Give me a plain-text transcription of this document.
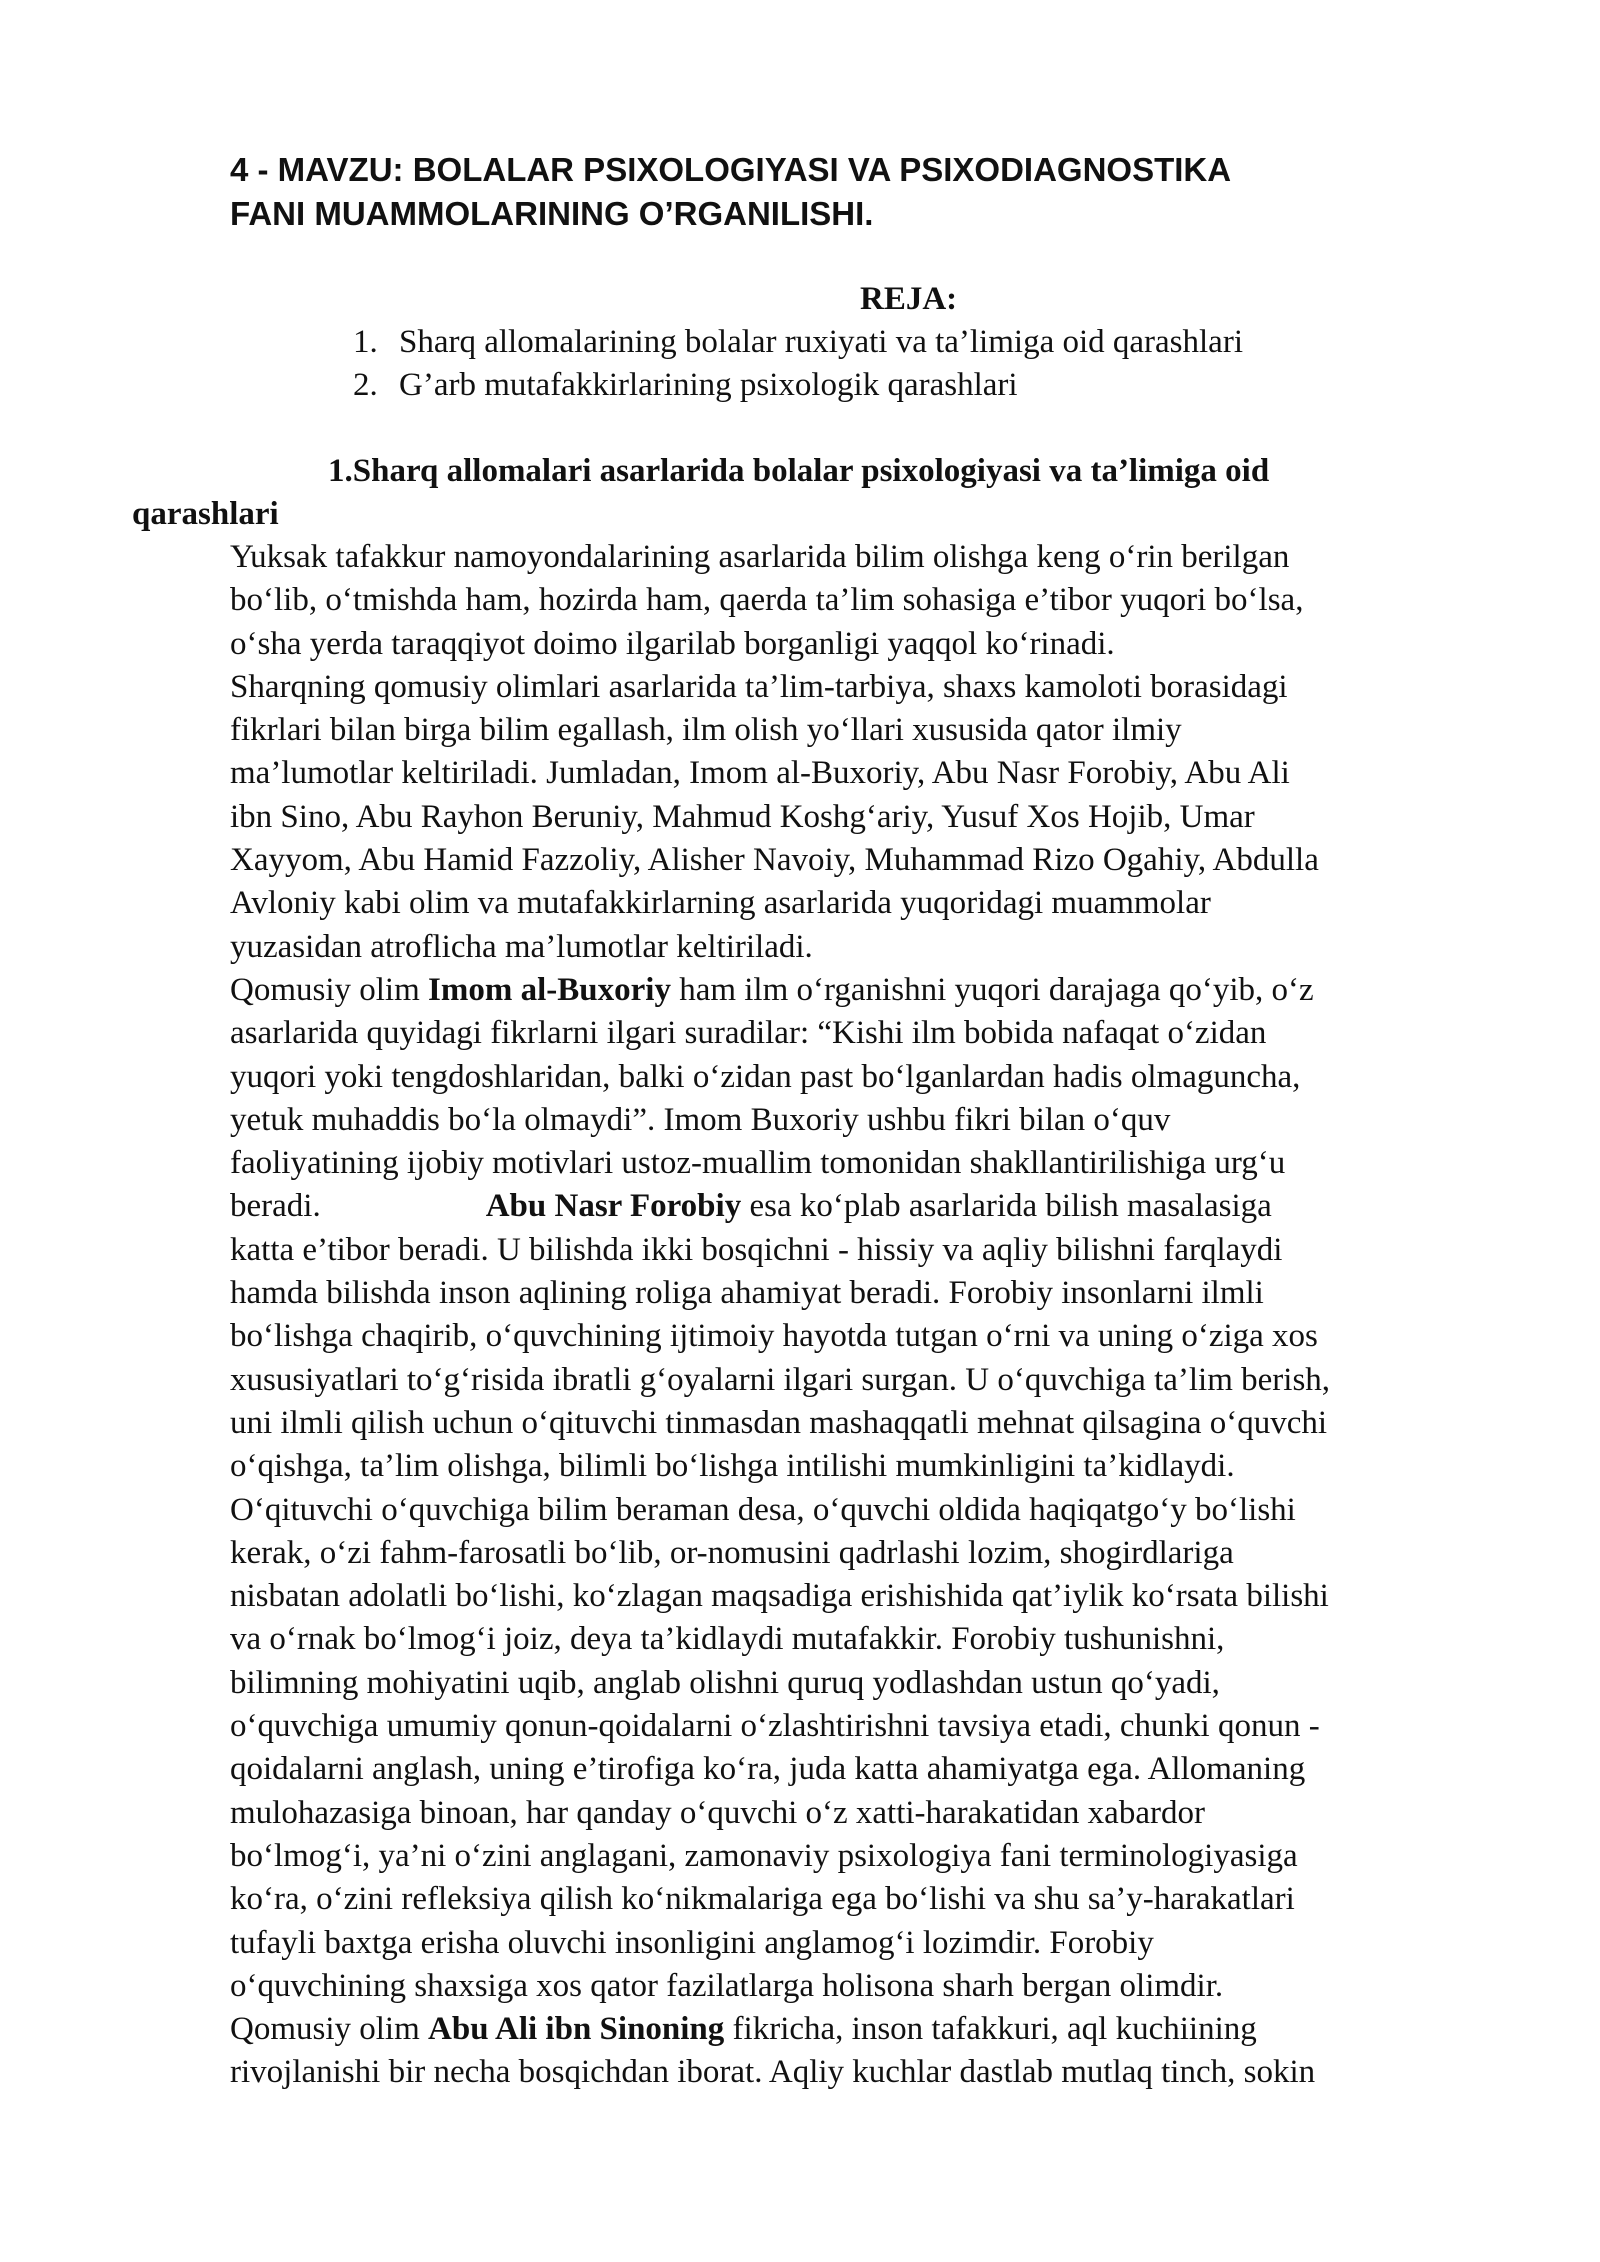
4 - MAVZU: BOLALAR PSIXOLOGIYASI VA PSIXODIAGNOSTIKA
FANI MUAMMOLARINING O’RGANILISHI.
REJA:
1. Sharq allomalarining bolalar ruxiyati va ta’limiga oid qarashlari
2. G’arb mutafakkirlarining psixologik qarashlari
1.Sharq allomalari asarlarida bolalar psixologiyasi va ta’limiga oid
qarashlari
Yuksak tafakkur namoyondalarining asarlarida bilim olishga keng o‘rin berilgan
bo‘lib, o‘tmishda ham, hozirda ham, qaerda ta’lim sohasiga e’tibor yuqori bo‘lsa,
o‘sha yerda taraqqiyot doimo ilgarilab borganligi yaqqol ko‘rinadi.
Sharqning qomusiy olimlari asarlarida ta’lim-tarbiya, shaxs kamoloti borasidagi
fikrlari bilan birga bilim egallash, ilm olish yo‘llari xususida qator ilmiy
ma’lumotlar keltiriladi. Jumladan, Imom al-Buxoriy, Abu Nasr Forobiy, Abu Ali
ibn Sino, Abu Rayhon Beruniy, Mahmud Koshg‘ariy, Yusuf Xos Hojib, Umar
Xayyom, Abu Hamid Fazzoliy, Alisher Navoiy, Muhammad Rizo Ogahiy, Abdulla
Avloniy kabi olim va mutafakkirlarning asarlarida yuqoridagi muammolar
yuzasidan atroflicha ma’lumotlar keltiriladi.
Qomusiy olim Imom al-Buxoriy ham ilm o‘rganishni yuqori darajaga qo‘yib, o‘z
asarlarida quyidagi fikrlarni ilgari suradilar: “Kishi ilm bobida nafaqat o‘zidan
yuqori yoki tengdoshlaridan, balki o‘zidan past bo‘lganlardan hadis olmaguncha,
yetuk muhaddis bo‘la olmaydi”. Imom Buxoriy ushbu fikri bilan o‘quv
faoliyatining ijobiy motivlari ustoz-muallim tomonidan shakllantirilishiga urg‘u
beradi.	Abu Nasr Forobiy esa ko‘plab asarlarida bilish masalasiga
katta e’tibor beradi. U bilishda ikki bosqichni - hissiy va aqliy bilishni farqlaydi
hamda bilishda inson aqlining roliga ahamiyat beradi. Forobiy insonlarni ilmli
bo‘lishga chaqirib, o‘quvchining ijtimoiy hayotda tutgan o‘rni va uning o‘ziga xos
xususiyatlari to‘g‘risida ibratli g‘oyalarni ilgari surgan. U o‘quvchiga ta’lim berish,
uni ilmli qilish uchun o‘qituvchi tinmasdan mashaqqatli mehnat qilsagina o‘quvchi
o‘qishga, ta’lim olishga, bilimli bo‘lishga intilishi mumkinligini ta’kidlaydi.
O‘qituvchi o‘quvchiga bilim beraman desa, o‘quvchi oldida haqiqatgo‘y bo‘lishi
kerak, o‘zi fahm-farosatli bo‘lib, or-nomusini qadrlashi lozim, shogirdlariga
nisbatan adolatli bo‘lishi, ko‘zlagan maqsadiga erishishida qat’iylik ko‘rsata bilishi
va o‘rnak bo‘lmog‘i joiz, deya ta’kidlaydi mutafakkir. Forobiy tushunishni,
bilimning mohiyatini uqib, anglab olishni quruq yodlashdan ustun qo‘yadi,
o‘quvchiga umumiy qonun-qoidalarni o‘zlashtirishni tavsiya etadi, chunki qonun -
qoidalarni anglash, uning e’tirofiga ko‘ra, juda katta ahamiyatga ega. Allomaning
mulohazasiga binoan, har qanday o‘quvchi o‘z xatti-harakatidan xabardor
bo‘lmog‘i, ya’ni o‘zini anglagani, zamonaviy psixologiya fani terminologiyasiga
ko‘ra, o‘zini refleksiya qilish ko‘nikmalariga ega bo‘lishi va shu sa’y-harakatlari
tufayli baxtga erisha oluvchi insonligini anglamog‘i lozimdir. Forobiy
o‘quvchining shaxsiga xos qator fazilatlarga holisona sharh bergan olimdir.
Qomusiy olim Abu Ali ibn Sinoning fikricha, inson tafakkuri, aql kuchiining
rivojlanishi bir necha bosqichdan iborat. Aqliy kuchlar dastlab mutlaq tinch, sokin
